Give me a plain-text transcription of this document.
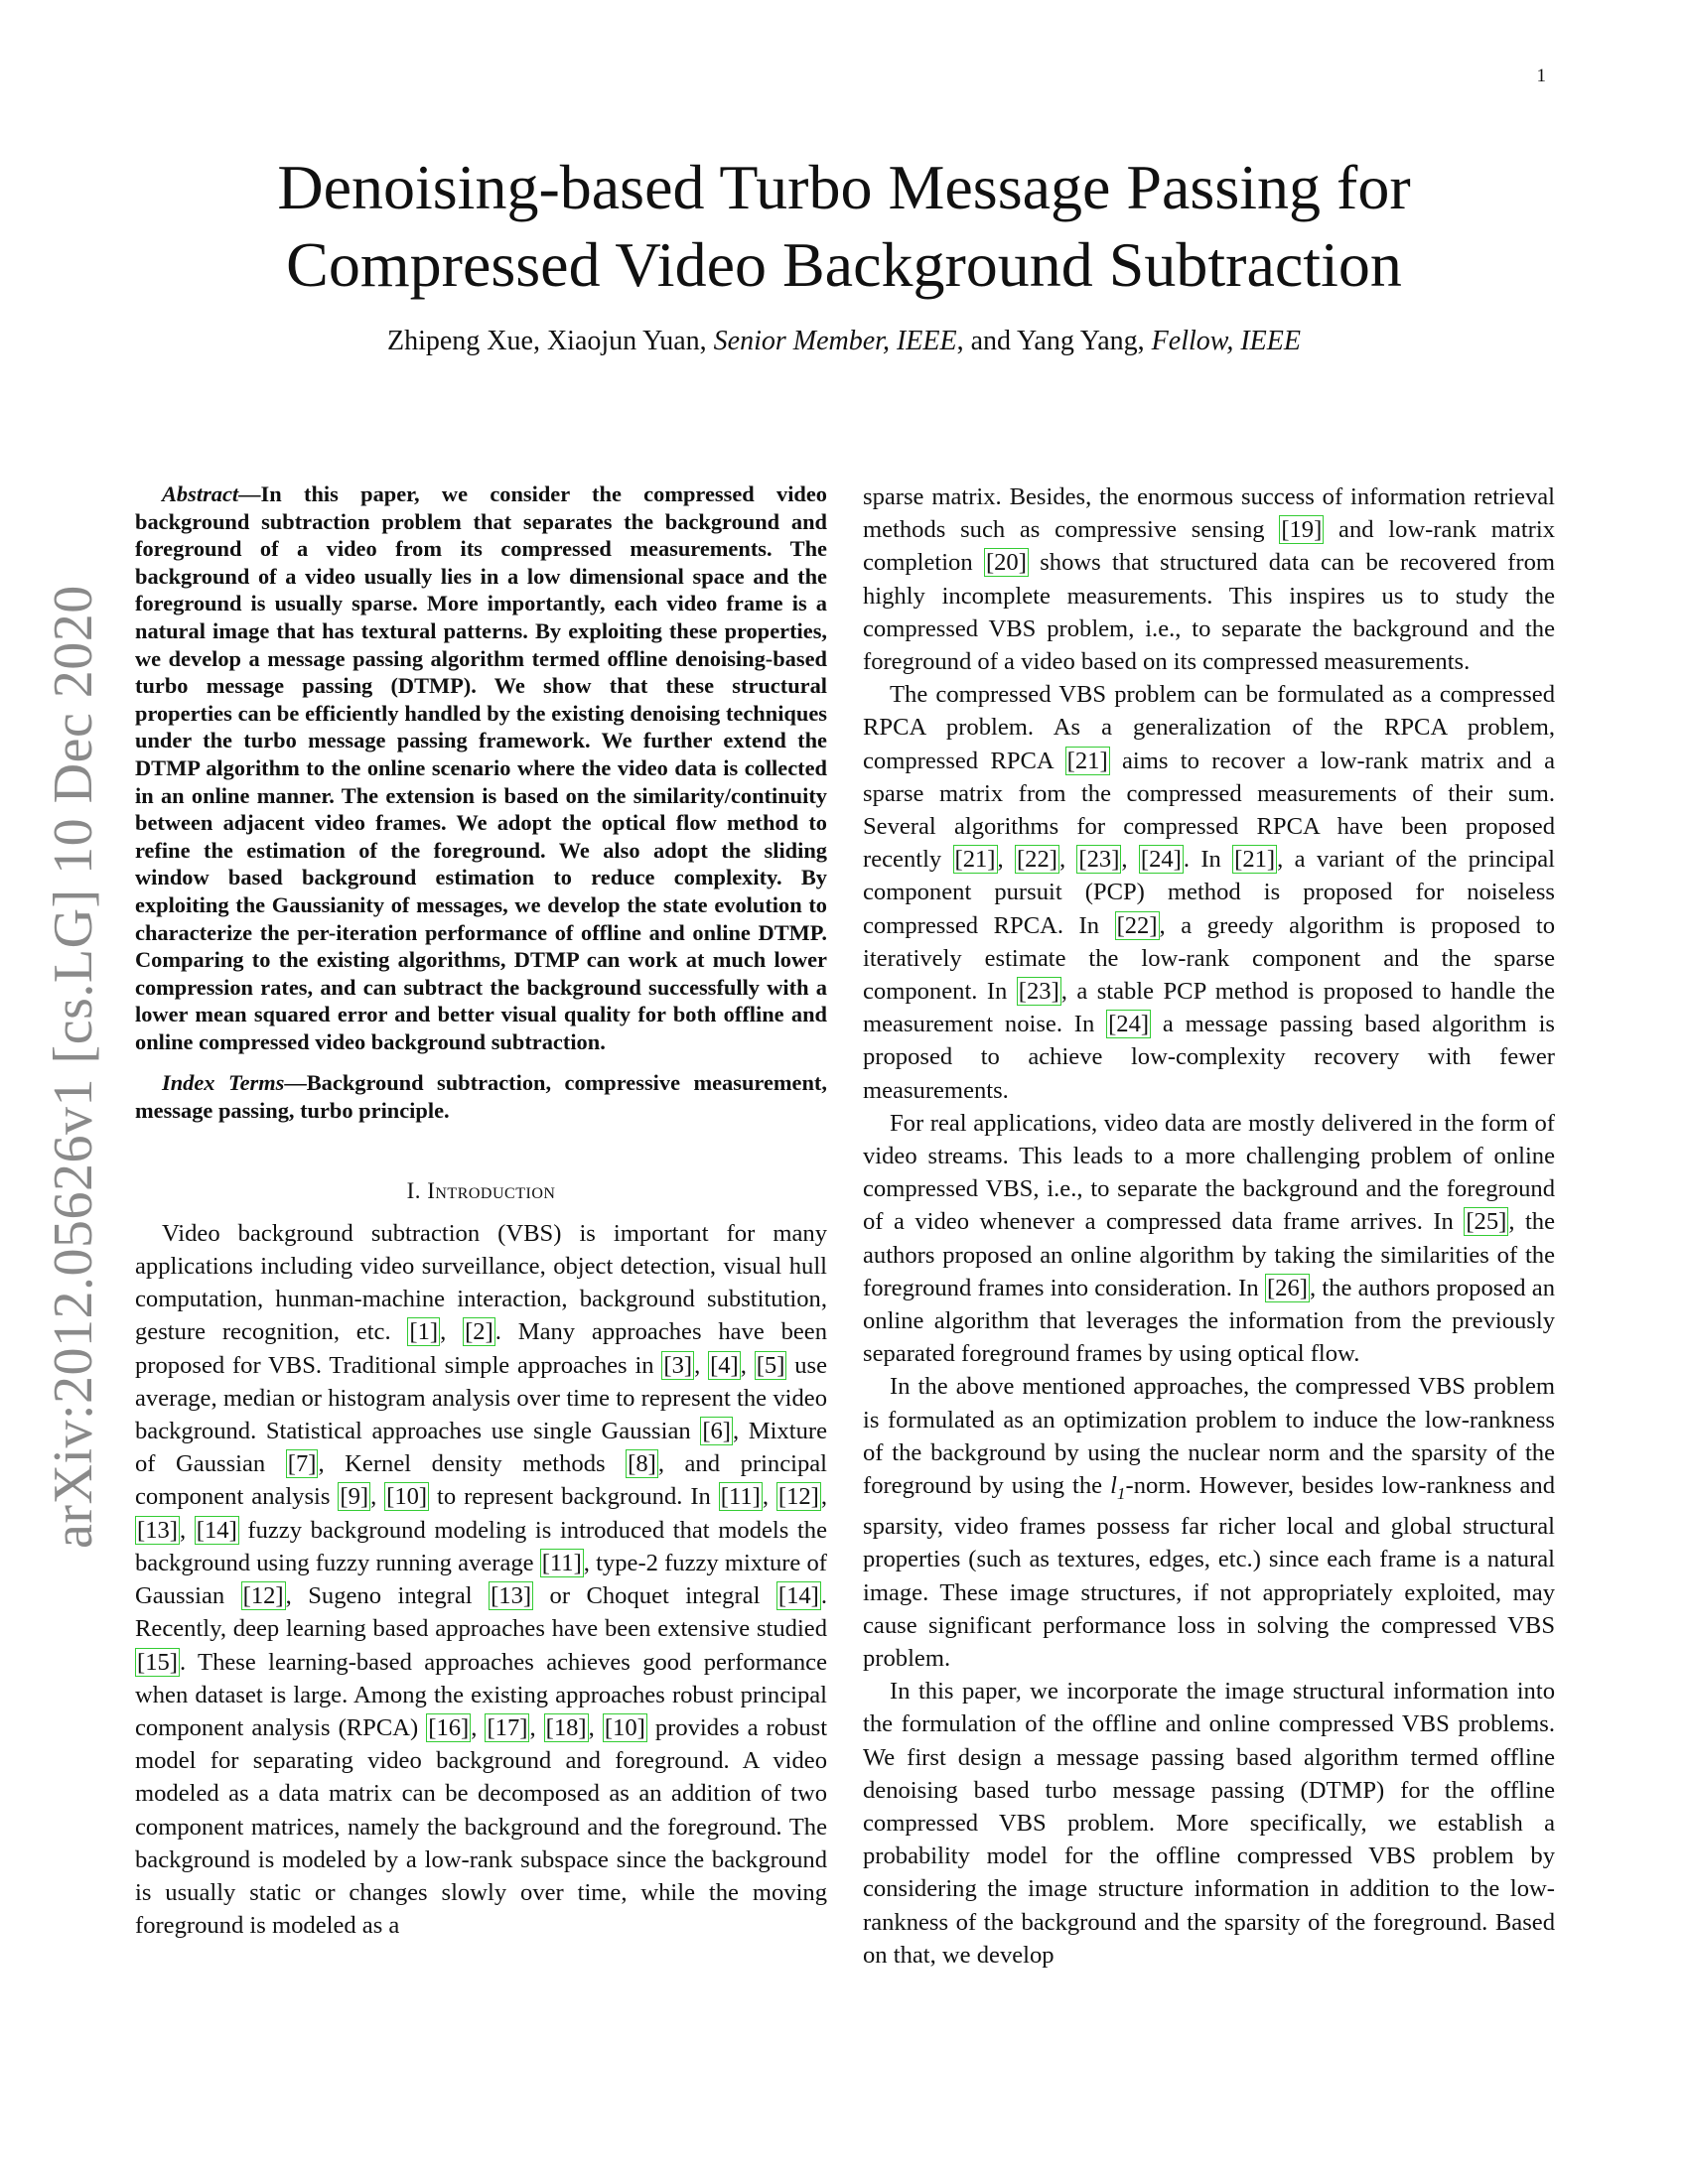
1
arXiv:2012.05626v1 [cs.LG] 10 Dec 2020
Denoising-based Turbo Message Passing for
Compressed Video Background Subtraction
Zhipeng Xue, Xiaojun Yuan, Senior Member, IEEE, and Yang Yang, Fellow, IEEE

Abstract—In this paper, we consider the compressed video background subtraction problem that separates the background and foreground of a video from its compressed measurements. The background of a video usually lies in a low dimensional space and the foreground is usually sparse. More importantly, each video frame is a natural image that has textural patterns. By exploiting these properties, we develop a message passing algorithm termed offline denoising-based turbo message passing (DTMP). We show that these structural properties can be efficiently handled by the existing denoising techniques under the turbo message passing framework. We further extend the DTMP algorithm to the online scenario where the video data is collected in an online manner. The extension is based on the similarity/continuity between adjacent video frames. We adopt the optical flow method to refine the estimation of the foreground. We also adopt the sliding window based background estimation to reduce complexity. By exploiting the Gaussianity of messages, we develop the state evolution to characterize the per-iteration performance of offline and online DTMP. Comparing to the existing algorithms, DTMP can work at much lower compression rates, and can subtract the background successfully with a lower mean squared error and better visual quality for both offline and online compressed video background subtraction.

Index Terms—Background subtraction, compressive measurement, message passing, turbo principle.

I. Introduction

Video background subtraction (VBS) is important for many applications including video surveillance, object detection, visual hull computation, hunman-machine interaction, background substitution, gesture recognition, etc. [1], [2]. Many approaches have been proposed for VBS. Traditional simple approaches in [3], [4], [5] use average, median or histogram analysis over time to represent the video background. Statistical approaches use single Gaussian [6], Mixture of Gaussian [7], Kernel density methods [8], and principal component analysis [9], [10] to represent background. In [11], [12], [13], [14] fuzzy background modeling is introduced that models the background using fuzzy running average [11], type-2 fuzzy mixture of Gaussian [12], Sugeno integral [13] or Choquet integral [14]. Recently, deep learning based approaches have been extensive studied [15]. These learning-based approaches achieves good performance when dataset is large. Among the existing approaches robust principal component analysis (RPCA) [16], [17], [18], [10] provides a robust model for separating video background and foreground. A video modeled as a data matrix can be decomposed as an addition of two component matrices, namely the background and the foreground. The background is modeled by a low-rank subspace since the background is usually static or changes slowly over time, while the moving foreground is modeled as a

sparse matrix. Besides, the enormous success of information retrieval methods such as compressive sensing [19] and low-rank matrix completion [20] shows that structured data can be recovered from highly incomplete measurements. This inspires us to study the compressed VBS problem, i.e., to separate the background and the foreground of a video based on its compressed measurements.

The compressed VBS problem can be formulated as a compressed RPCA problem. As a generalization of the RPCA problem, compressed RPCA [21] aims to recover a low-rank matrix and a sparse matrix from the compressed measurements of their sum. Several algorithms for compressed RPCA have been proposed recently [21], [22], [23], [24]. In [21], a variant of the principal component pursuit (PCP) method is proposed for noiseless compressed RPCA. In [22], a greedy algorithm is proposed to iteratively estimate the low-rank component and the sparse component. In [23], a stable PCP method is proposed to handle the measurement noise. In [24] a message passing based algorithm is proposed to achieve low-complexity recovery with fewer measurements.

For real applications, video data are mostly delivered in the form of video streams. This leads to a more challenging problem of online compressed VBS, i.e., to separate the background and the foreground of a video whenever a compressed data frame arrives. In [25], the authors proposed an online algorithm by taking the similarities of the foreground frames into consideration. In [26], the authors proposed an online algorithm that leverages the information from the previously separated foreground frames by using optical flow.

In the above mentioned approaches, the compressed VBS problem is formulated as an optimization problem to induce the low-rankness of the background by using the nuclear norm and the sparsity of the foreground by using the $l_1$-norm. However, besides low-rankness and sparsity, video frames possess far richer local and global structural properties (such as textures, edges, etc.) since each frame is a natural image. These image structures, if not appropriately exploited, may cause significant performance loss in solving the compressed VBS problem.

In this paper, we incorporate the image structural information into the formulation of the offline and online compressed VBS problems. We first design a message passing based algorithm termed offline denoising based turbo message passing (DTMP) for the offline compressed VBS problem. More specifically, we establish a probability model for the offline compressed VBS problem by considering the image structure information in addition to the low-rankness of the background and the sparsity of the foreground. Based on that, we develop
